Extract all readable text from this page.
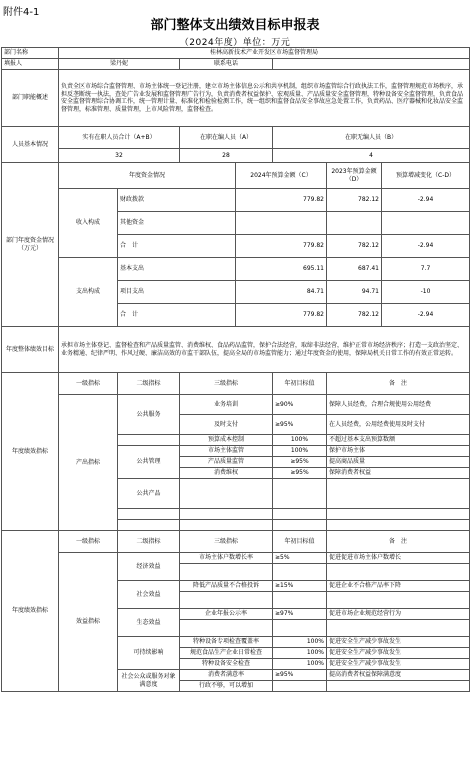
附件4-1
部门整体支出绩效目标申报表
（2024年度）单位：万元
部门名称	桂林高新技术产业开发区市场监督管理局						
填报人	梁丹妮		联系电话				
部门职能概述	负责全区市场综合监督管理、市场主体统一登记注册，建立市场主体信息公示和共享机制，组织市场监管综合行政执法工作，监督管理规范市场秩序，承担反垄断统一执法，查处广告业发展和监督管理广告行为，负责消费者权益保护、宏观质量、产品质量安全监督管理，特种设备安全监督管理，负责食品安全监督管理综合协调工作，统一管理计量、标准化和检验检测工作，统一组织和监督食品安全事故应急处置工作，负责药品、医疗器械和化妆品安全监督管理，标准管理、质量管理，上市风险管理，监督检查。						
人员基本情况	实有在职人员合计（A+B）		在职在编人员（A）		在职无编人员（B）		
	32		28		4		
部门年度资金情况（万元）	年度资金情况			2024年预算金额（C）		2023年预算金额（D）	预算增减变化（C-D）
	收入构成	财政拨款		779.82		782.12	-2.94
		其他资金					
		合　计		779.82		782.12	-2.94
	支出构成	基本支出		695.11		687.41	7.7
		项目支出		84.71		94.71	-10
		合　计		779.82		782.12	-2.94
年度整体绩效目标	承担市场主体登记、监督检查和产品质量监管、消费维权、食品药品监管，保护合法经营，取缔非法经营，维护正常市场经济秩序；打造一支政治坚定、业务精通、纪律严明、作风过硬、廉洁高效的市监干部队伍，提高全局的市场监管能力；通过年度资金的使用，保障局机关日常工作的有效正常运转。						
年度绩效指标	一级指标	二级指标	三级指标		年初目标值	备　注	
	产出指标	公共服务	业务培训		≥90%	保障人员经费，合理合规使用公用经费	
			及时支付		≥95%	在人员经费，公用经费使用及时支付	
			预算成本控制		100%	不超过基本支出预算数额	
		公共管理	市场主体监管		100%	保护市场主体	
			产品质量监管		≥95%	提高商品质量	
			消费维权		≥95%	保障消费者权益	
		公共产品					

年度绩效指标	一级指标	二级指标	三级指标		年初目标值	备　注	
	效益指标	经济效益	市场主体户数增长率		≥5%	促进促进市场主体户数增长	

		社会效益	降低产品质量不合格投诉		≥15%	促进企业不合格产品率下降	

		生态效益	企业年报公示率		≥97%	促进市场企业规范经营行为	

		可持续影响	特种设备专项检查覆盖率		100%	促进安全生产减少事故发生	
			规范食品生产企业日常检查		100%	促进安全生产减少事故发生	
			特种设备安全检查		100%	促进安全生产减少事故发生	
		社会公众或服务对象满意度	消费者满意率		≥95%	提高消费者权益保障满意度	
			行政不够，可以增加				
